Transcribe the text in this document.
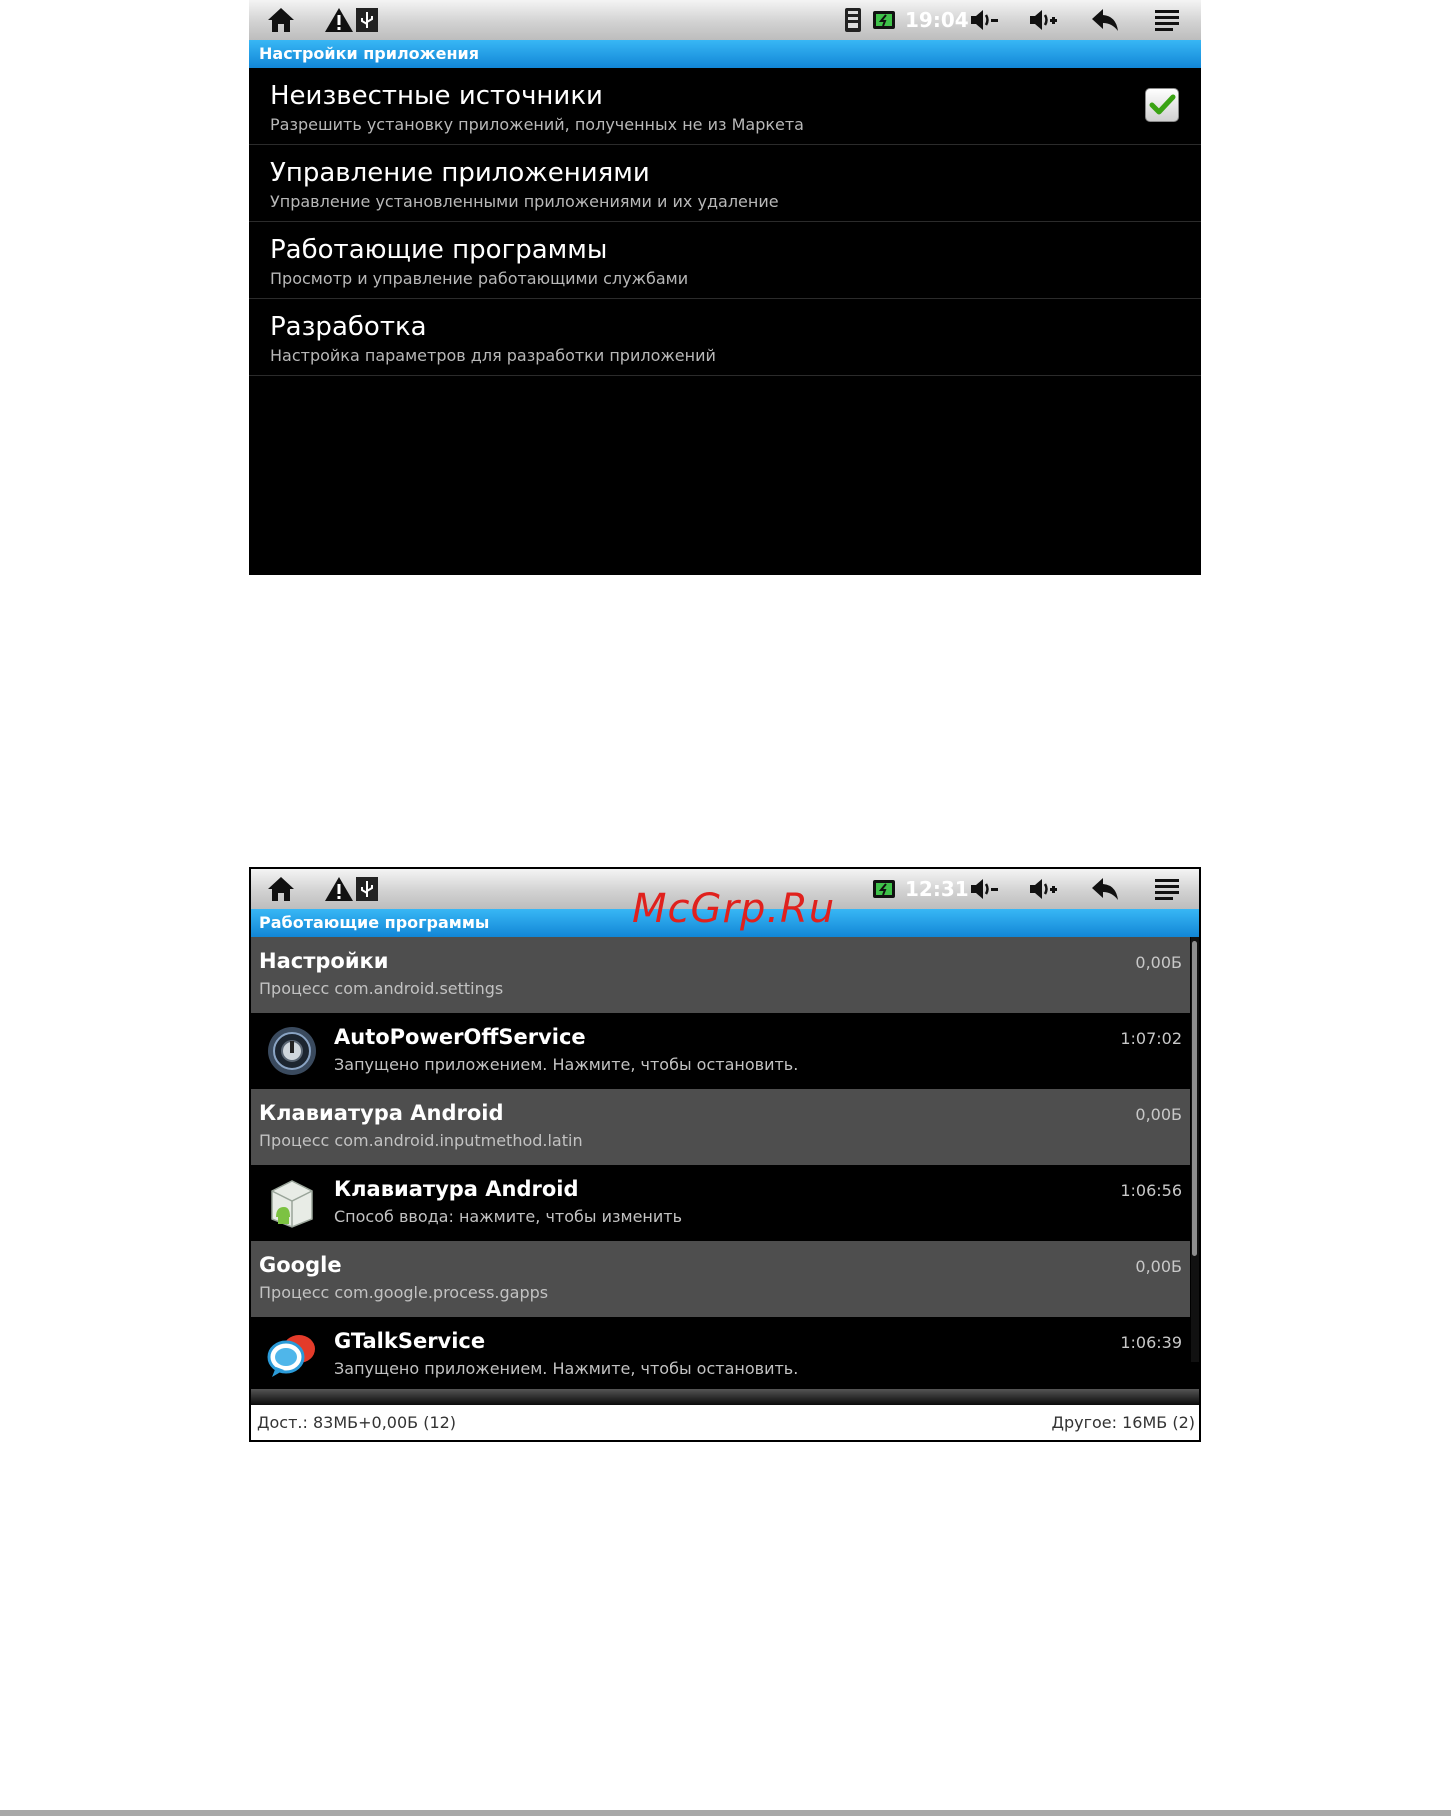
19:04
Настройки приложения
Неизвестные источники
Разрешить установку приложений, полученных не из Маркета
Управление приложениями
Управление установленными приложениями и их удаление
Работающие программы
Просмотр и управление работающими службами
Разработка
Настройка параметров для разработки приложений
12:31
Работающие программы
Настройки
Процесс com.android.settings
0,00Б
AutoPowerOffService
Запущено приложением. Нажмите, чтобы остановить.
1:07:02
Клавиатура Android
Процесс com.android.inputmethod.latin
0,00Б
Клавиатура Android
Способ ввода: нажмите, чтобы изменить
1:06:56
Google
Процесс com.google.process.gapps
0,00Б
GTalkService
Запущено приложением. Нажмите, чтобы остановить.
1:06:39
Дост.: 83МБ+0,00Б (12)	Другое: 16МБ (2)
McGrp.Ru
